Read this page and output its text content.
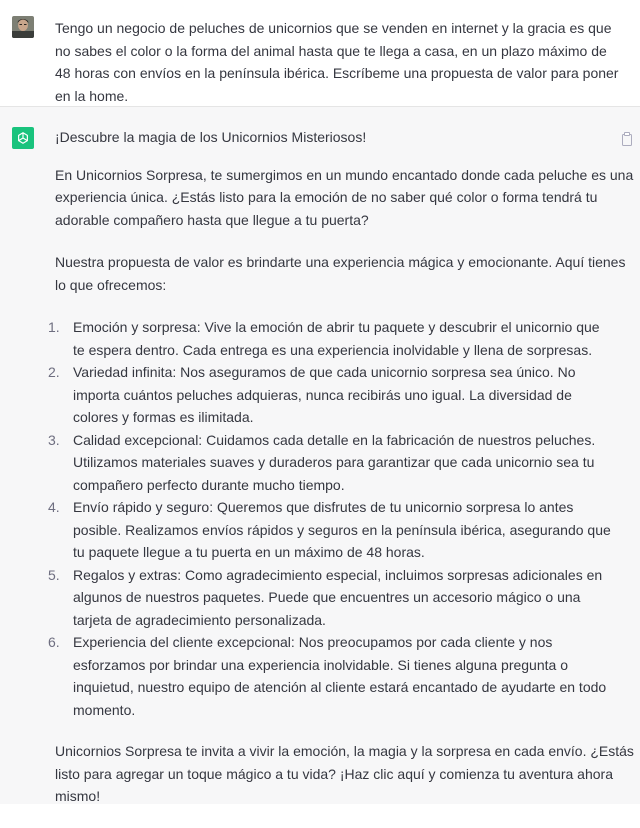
Tengo un negocio de peluches de unicornios que se venden en internet y la gracia es que no sabes el color o la forma del animal hasta que te llega a casa, en un plazo máximo de 48 horas con envíos en la península ibérica. Escríbeme una propuesta de valor para poner en la home.

¡Descubre la magia de los Unicornios Misteriosos!

En Unicornios Sorpresa, te sumergimos en un mundo encantado donde cada peluche es una experiencia única. ¿Estás listo para la emoción de no saber qué color o forma tendrá tu adorable compañero hasta que llegue a tu puerta?

Nuestra propuesta de valor es brindarte una experiencia mágica y emocionante. Aquí tienes lo que ofrecemos:

1. Emoción y sorpresa: Vive la emoción de abrir tu paquete y descubrir el unicornio que te espera dentro. Cada entrega es una experiencia inolvidable y llena de sorpresas.
2. Variedad infinita: Nos aseguramos de que cada unicornio sorpresa sea único. No importa cuántos peluches adquieras, nunca recibirás uno igual. La diversidad de colores y formas es ilimitada.
3. Calidad excepcional: Cuidamos cada detalle en la fabricación de nuestros peluches. Utilizamos materiales suaves y duraderos para garantizar que cada unicornio sea tu compañero perfecto durante mucho tiempo.
4. Envío rápido y seguro: Queremos que disfrutes de tu unicornio sorpresa lo antes posible. Realizamos envíos rápidos y seguros en la península ibérica, asegurando que tu paquete llegue a tu puerta en un máximo de 48 horas.
5. Regalos y extras: Como agradecimiento especial, incluimos sorpresas adicionales en algunos de nuestros paquetes. Puede que encuentres un accesorio mágico o una tarjeta de agradecimiento personalizada.
6. Experiencia del cliente excepcional: Nos preocupamos por cada cliente y nos esforzamos por brindar una experiencia inolvidable. Si tienes alguna pregunta o inquietud, nuestro equipo de atención al cliente estará encantado de ayudarte en todo momento.

Unicornios Sorpresa te invita a vivir la emoción, la magia y la sorpresa en cada envío. ¿Estás listo para agregar un toque mágico a tu vida? ¡Haz clic aquí y comienza tu aventura ahora mismo!
